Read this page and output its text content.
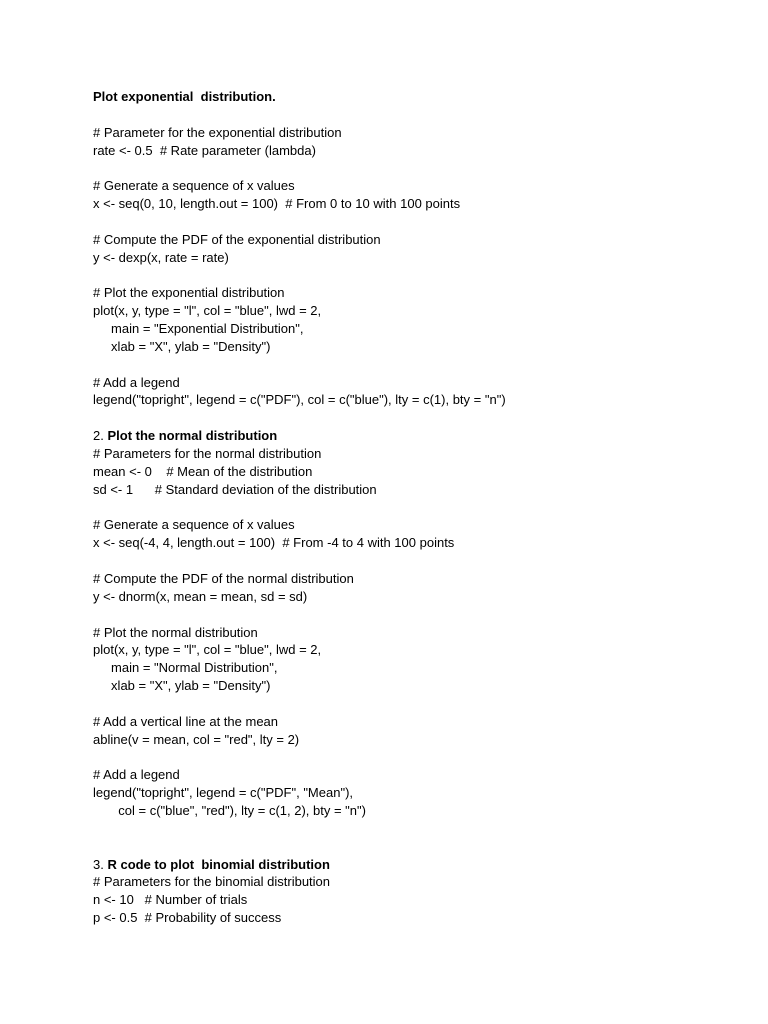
Plot exponential  distribution.

# Parameter for the exponential distribution

rate <- 0.5  # Rate parameter (lambda)

# Generate a sequence of x values

x <- seq(0, 10, length.out = 100)  # From 0 to 10 with 100 points

# Compute the PDF of the exponential distribution

y <- dexp(x, rate = rate)

# Plot the exponential distribution

plot(x, y, type = "l", col = "blue", lwd = 2,

main = "Exponential Distribution",

xlab = "X", ylab = "Density")

# Add a legend

legend("topright", legend = c("PDF"), col = c("blue"), lty = c(1), bty = "n")

2. Plot the normal distribution

# Parameters for the normal distribution

mean <- 0    # Mean of the distribution

sd <- 1      # Standard deviation of the distribution

# Generate a sequence of x values

x <- seq(-4, 4, length.out = 100)  # From -4 to 4 with 100 points

# Compute the PDF of the normal distribution

y <- dnorm(x, mean = mean, sd = sd)

# Plot the normal distribution

plot(x, y, type = "l", col = "blue", lwd = 2,

main = "Normal Distribution",

xlab = "X", ylab = "Density")

# Add a vertical line at the mean

abline(v = mean, col = "red", lty = 2)

# Add a legend

legend("topright", legend = c("PDF", "Mean"),

col = c("blue", "red"), lty = c(1, 2), bty = "n")

3. R code to plot  binomial distribution

# Parameters for the binomial distribution

n <- 10   # Number of trials

p <- 0.5  # Probability of success
